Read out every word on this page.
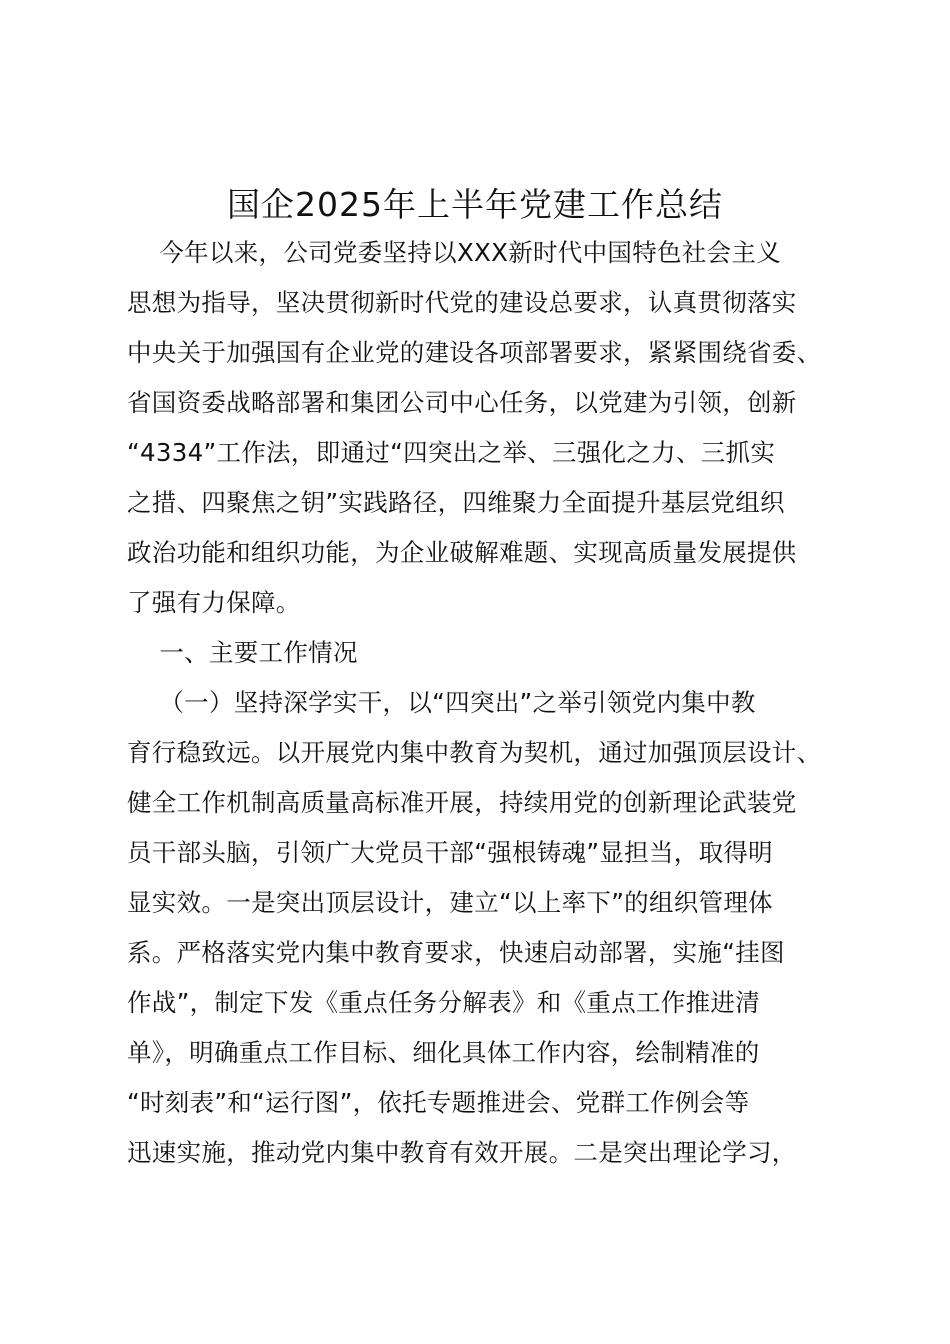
国企2025年上半年党建工作总结
今年以来，公司党委坚持以XXX新时代中国特色社会主义
思想为指导，坚决贯彻新时代党的建设总要求，认真贯彻落实
中央关于加强国有企业党的建设各项部署要求，紧紧围绕省委、
省国资委战略部署和集团公司中心任务，以党建为引领，创新
“4334”工作法，即通过“四突出之举、三强化之力、三抓实
之措、四聚焦之钥”实践路径，四维聚力全面提升基层党组织
政治功能和组织功能，为企业破解难题、实现高质量发展提供
了强有力保障。
一、主要工作情况
（一）坚持深学实干，以“四突出”之举引领党内集中教
育行稳致远。以开展党内集中教育为契机，通过加强顶层设计、
健全工作机制高质量高标准开展，持续用党的创新理论武装党
员干部头脑，引领广大党员干部“强根铸魂”显担当，取得明
显实效。一是突出顶层设计，建立“以上率下”的组织管理体
系。严格落实党内集中教育要求，快速启动部署，实施“挂图
作战”，制定下发《重点任务分解表》和《重点工作推进清
单》，明确重点工作目标、细化具体工作内容，绘制精准的
“时刻表”和“运行图”，依托专题推进会、党群工作例会等
迅速实施，推动党内集中教育有效开展。二是突出理论学习，
